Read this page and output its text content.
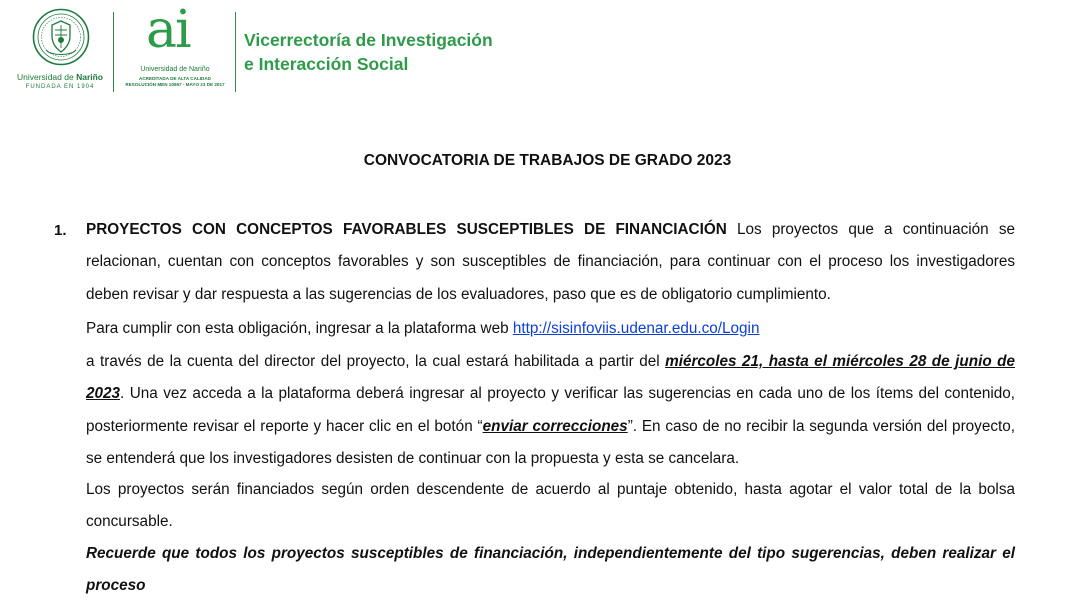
Universidad de Nariño
FUNDADA EN 1904
ai
Universidad de Nariño
ACREDITADA DE ALTA CALIDAD
RESOLUCIÓN MEN 10567 - MAYO 23 DE 2017
Vicerrectoría de Investigación
e Interacción Social
CONVOCATORIA DE TRABAJOS DE GRADO 2023
1. PROYECTOS CON CONCEPTOS FAVORABLES SUSCEPTIBLES DE FINANCIACIÓN Los proyectos que a continuación se relacionan, cuentan con conceptos favorables y son susceptibles de financiación, para continuar con el proceso los investigadores deben revisar y dar respuesta a las sugerencias de los evaluadores, paso que es de obligatorio cumplimiento.

Para cumplir con esta obligación, ingresar a la plataforma web http://sisinfoviis.udenar.edu.co/Login

a través de la cuenta del director del proyecto, la cual estará habilitada a partir del miércoles 21, hasta el miércoles 28 de junio de 2023. Una vez acceda a la plataforma deberá ingresar al proyecto y verificar las sugerencias en cada uno de los ítems del contenido, posteriormente revisar el reporte y hacer clic en el botón “enviar correcciones”. En caso de no recibir la segunda versión del proyecto, se entenderá que los investigadores desisten de continuar con la propuesta y esta se cancelara.

Los proyectos serán financiados según orden descendente de acuerdo al puntaje obtenido, hasta agotar el valor total de la bolsa concursable.

Recuerde que todos los proyectos susceptibles de financiación, independientemente del tipo sugerencias, deben realizar el proceso
